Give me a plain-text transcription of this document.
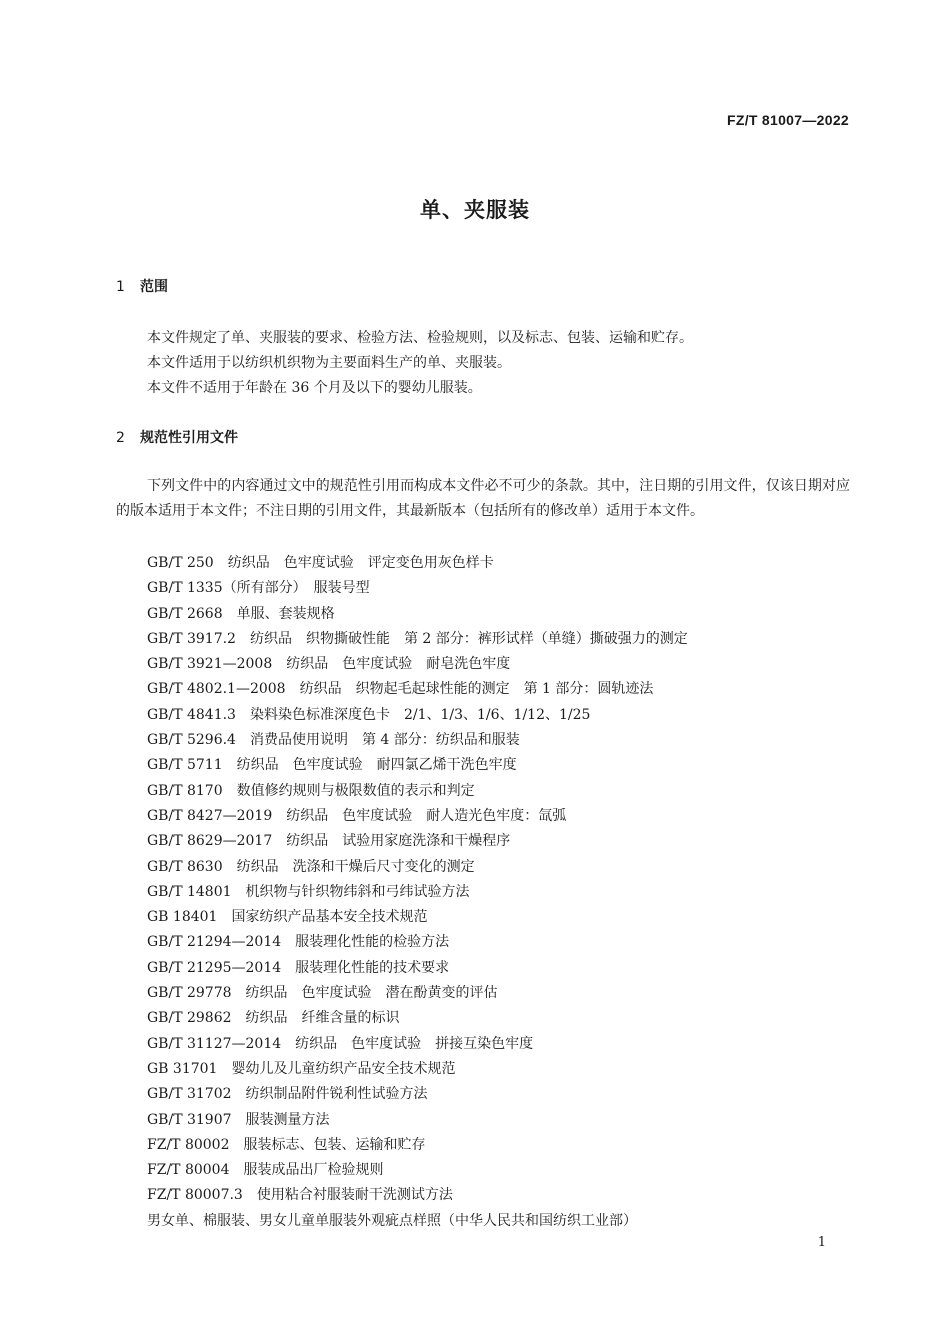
FZ/T 81007—2022
单、夹服装
1 范围
本文件规定了单、夹服装的要求、检验方法、检验规则，以及标志、包装、运输和贮存。
本文件适用于以纺织机织物为主要面料生产的单、夹服装。
本文件不适用于年龄在 36 个月及以下的婴幼儿服装。
2 规范性引用文件
下列文件中的内容通过文中的规范性引用而构成本文件必不可少的条款。其中，注日期的引用文件，仅该日期对应的版本适用于本文件；不注日期的引用文件，其最新版本（包括所有的修改单）适用于本文件。
GB/T 250　纺织品　色牢度试验　评定变色用灰色样卡
GB/T 1335（所有部分）　服装号型
GB/T 2668　单服、套装规格
GB/T 3917.2　纺织品　织物撕破性能　第 2 部分：裤形试样（单缝）撕破强力的测定
GB/T 3921—2008　纺织品　色牢度试验　耐皂洗色牢度
GB/T 4802.1—2008　纺织品　织物起毛起球性能的测定　第 1 部分：圆轨迹法
GB/T 4841.3　染料染色标准深度色卡　2/1、1/3、1/6、1/12、1/25
GB/T 5296.4　消费品使用说明　第 4 部分：纺织品和服装
GB/T 5711　纺织品　色牢度试验　耐四氯乙烯干洗色牢度
GB/T 8170　数值修约规则与极限数值的表示和判定
GB/T 8427—2019　纺织品　色牢度试验　耐人造光色牢度：氙弧
GB/T 8629—2017　纺织品　试验用家庭洗涤和干燥程序
GB/T 8630　纺织品　洗涤和干燥后尺寸变化的测定
GB/T 14801　机织物与针织物纬斜和弓纬试验方法
GB 18401　国家纺织产品基本安全技术规范
GB/T 21294—2014　服装理化性能的检验方法
GB/T 21295—2014　服装理化性能的技术要求
GB/T 29778　纺织品　色牢度试验　潜在酚黄变的评估
GB/T 29862　纺织品　纤维含量的标识
GB/T 31127—2014　纺织品　色牢度试验　拼接互染色牢度
GB 31701　婴幼儿及儿童纺织产品安全技术规范
GB/T 31702　纺织制品附件锐利性试验方法
GB/T 31907　服装测量方法
FZ/T 80002　服装标志、包装、运输和贮存
FZ/T 80004　服装成品出厂检验规则
FZ/T 80007.3　使用粘合衬服装耐干洗测试方法
男女单、棉服装、男女儿童单服装外观疵点样照（中华人民共和国纺织工业部）
1
